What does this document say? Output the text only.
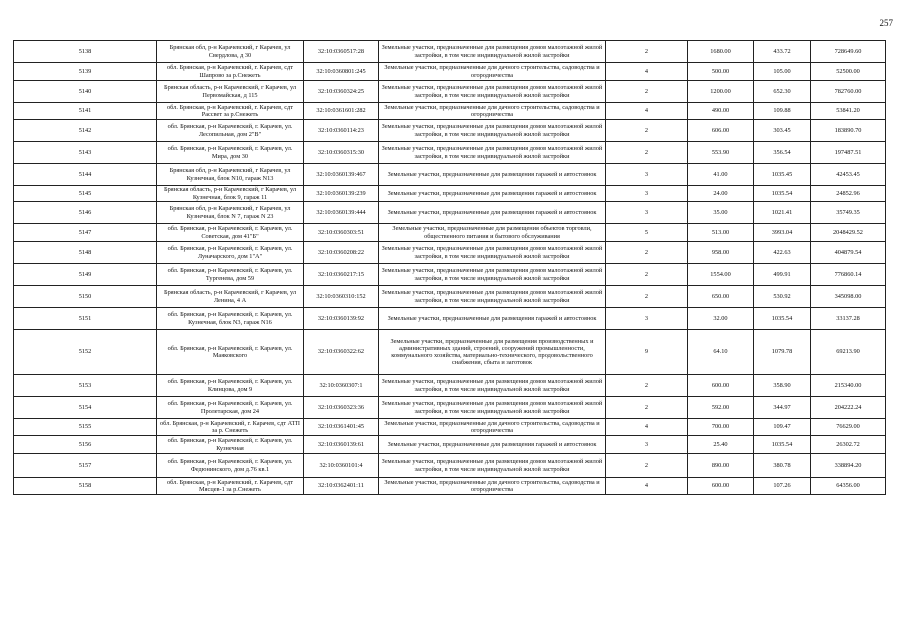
257
5138	Брянская обл, р-н Карачевский, г Карачев, ул Свердлова, д 30	32:10:0360517:28	Земельные участки, предназначенные для размещения домов малоэтажной жилой застройки, в том числе индивидуальной жилой застройки	2	1680.00	433.72	728649.60
5139	обл. Брянская, р-н Карачевский, г. Карачев, сдт Шапрово за р.Снежеть	32:10:0360801:245	Земельные участки, предназначенные для дачного строительства, садоводства и огородничества	4	500.00	105.00	52500.00
5140	Брянская область, р-н Карачевский, г Карачев, ул Первомайская, д 115	32:10:0360324:25	Земельные участки, предназначенные для размещения домов малоэтажной жилой застройки, в том числе индивидуальной жилой застройки	2	1200.00	652.30	782760.00
5141	обл. Брянская, р-н Карачевский, г. Карачев, сдт Рассвет за р.Снежеть	32:10:0361601:282	Земельные участки, предназначенные для дачного строительства, садоводства и огородничества	4	490.00	109.88	53841.20
5142	обл. Брянская, р-н Карачевский, г. Карачев, ул. Лесопильная, дом 2"В"	32:10:0360114:23	Земельные участки, предназначенные для размещения домов малоэтажной жилой застройки, в том числе индивидуальной жилой застройки	2	606.00	303.45	183890.70
5143	обл. Брянская, р-н Карачевский, г. Карачев, ул. Мира, дом 30	32:10:0360315:30	Земельные участки, предназначенные для размещения домов малоэтажной жилой застройки, в том числе индивидуальной жилой застройки	2	553.90	356.54	197487.51
5144	Брянская обл, р-н Карачевский, г Карачев, ул Кузнечная, блок N10, гараж N13	32:10:0360139:467	Земельные участки, предназначенные для размещения гаражей и автостоянок	3	41.00	1035.45	42453.45
5145	Брянская область, р-н Карачевский, г Карачев, ул Кузнечная, блок 9, гараж 11	32:10:0360139:239	Земельные участки, предназначенные для размещения гаражей и автостоянок	3	24.00	1035.54	24852.96
5146	Брянская обл, р-н Карачевский, г Карачев, ул Кузнечная, блок N 7, гараж N 23	32:10:0360139:444	Земельные участки, предназначенные для размещения гаражей и автостоянок	3	35.00	1021.41	35749.35
5147	обл. Брянская, р-н Карачевский, г. Карачев, ул. Советская, дом 41"Б"	32:10:0360303:51	Земельные участки, предназначенные для размещения объектов торговли, общественного питания и бытового обслуживания	5	513.00	3993.04	2048429.52
5148	обл. Брянская, р-н Карачевский, г. Карачев, ул. Луначарского, дом 1"А"	32:10:0360208:22	Земельные участки, предназначенные для размещения домов малоэтажной жилой застройки, в том числе индивидуальной жилой застройки	2	958.00	422.63	404879.54
5149	обл. Брянская, р-н Карачевский, г. Карачев, ул. Тургенева, дом 59	32:10:0360217:15	Земельные участки, предназначенные для размещения домов малоэтажной жилой застройки, в том числе индивидуальной жилой застройки	2	1554.00	499.91	776860.14
5150	Брянская область, р-н Карачевский, г Карачев, ул Ленина, 4 А	32:10:0360310:152	Земельные участки, предназначенные для размещения домов малоэтажной жилой застройки, в том числе индивидуальной жилой застройки	2	650.00	530.92	345098.00
5151	обл. Брянская, р-н Карачевский, г. Карачев, ул. Кузнечная, блок N3, гараж N16	32:10:0360139:92	Земельные участки, предназначенные для размещения гаражей и автостоянок	3	32.00	1035.54	33137.28
5152	обл. Брянская, р-н Карачевский, г. Карачев, ул. Маяковского	32:10:0360322:62	Земельные участки, предназначенные для размещения производственных и административных зданий, строений, сооружений промышленности, коммунального хозяйства, материально-технического, продовольственного снабжения, сбыта и заготовок	9	64.10	1079.78	69213.90
5153	обл. Брянская, р-н Карачевский, г. Карачев, ул. Клинцова, дом 9	32:10:0360307:1	Земельные участки, предназначенные для размещения домов малоэтажной жилой застройки, в том числе индивидуальной жилой застройки	2	600.00	358.90	215340.00
5154	обл. Брянская, р-н Карачевский, г. Карачев, ул. Пролетарская, дом 24	32:10:0360323:36	Земельные участки, предназначенные для размещения домов малоэтажной жилой застройки, в том числе индивидуальной жилой застройки	2	592.00	344.97	204222.24
5155	обл. Брянская, р-н Карачевский, г. Карачев, сдт АТП за р. Снежеть	32:10:0361401:45	Земельные участки, предназначенные для дачного строительства, садоводства и огородничества	4	700.00	109.47	76629.00
5156	обл. Брянская, р-н Карачевский, г. Карачев, ул. Кузнечная	32:10:0360139:61	Земельные участки, предназначенные для размещения гаражей и автостоянок	3	25.40	1035.54	26302.72
5157	обл. Брянская, р-н Карачевский, г. Карачев, ул. Федюнинского, дом д.76 кв.1	32:10:0360101:4	Земельные участки, предназначенные для размещения домов малоэтажной жилой застройки, в том числе индивидуальной жилой застройки	2	890.00	380.78	338894.20
5158	обл. Брянская, р-н Карачевский, г. Карачев, сдт Мясцев-1 за р.Снежеть	32:10:0362401:11	Земельные участки, предназначенные для дачного строительства, садоводства и огородничества	4	600.00	107.26	64356.00
